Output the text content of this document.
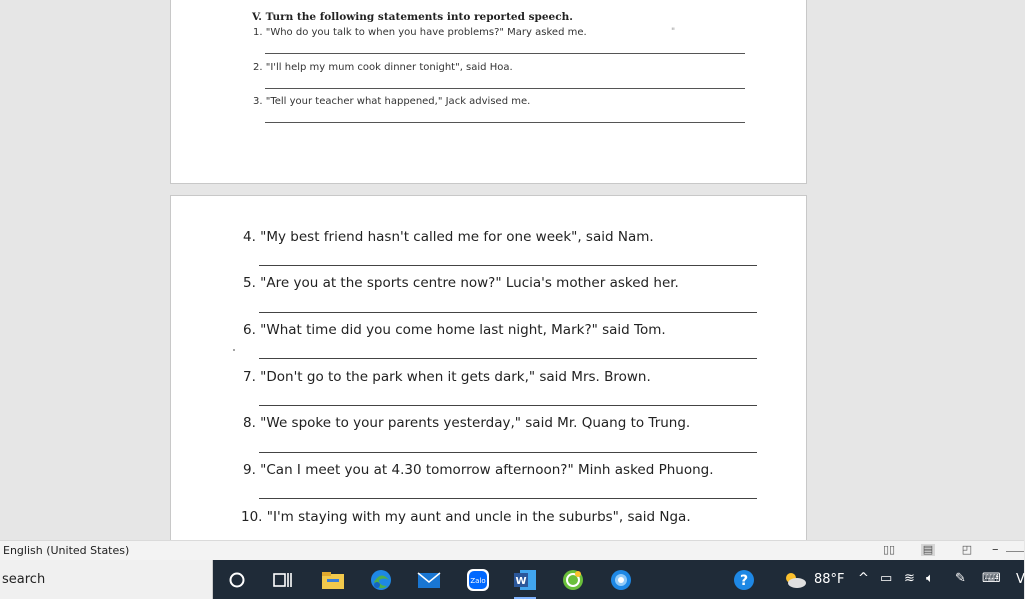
V. Turn the following statements into reported speech.
"
1. "Who do you talk to when you have problems?" Mary asked me.
2. "I'll help my mum cook dinner tonight", said Hoa.
3. "Tell your teacher what happened," Jack advised me.
4. "My best friend hasn't called me for one week", said Nam.
5. "Are you at the sports centre now?" Lucia's mother asked her.
6. "What time did you come home last night, Mark?" said Tom.
7. "Don't go to the park when it gets dark," said Mrs. Brown.
8. "We spoke to your parents yesterday," said Mr. Quang to Trung.
9. "Can I meet you at 4.30 tomorrow afternoon?" Minh asked Phuong.
10. "I'm staying with my aunt and uncle in the suburbs", said Nga.
English (United States)	▯▯	▤	◰ –
search	Zalo	W	?	88°F ^ ▭ ≋ 🔈︎ ✎ ⌨ V
